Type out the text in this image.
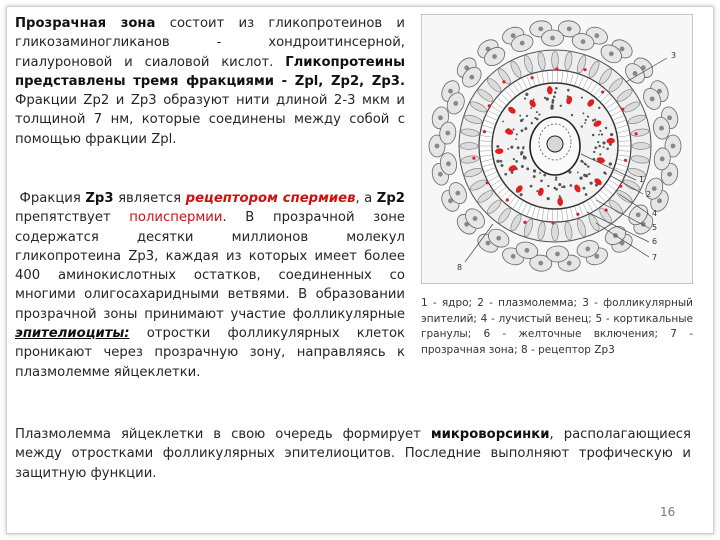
Прозрачная зона состоит из гликопротеинов и гликозаминогликанов - хондроитинсерной, гиалуроновой и сиаловой кислот. Гликопротеины представлены тремя фракциями - Zpl, Zp2, Zp3. Фракции Zp2 и Zp3 образуют нити длиной 2-3 мкм и толщиной 7 нм, которые соединены между собой с помощью фракции Zpl.
Фракция Zp3 является рецептором спермиев, а Zp2 препятствует полиспермии. В прозрачной зоне содержатся десятки миллионов молекул гликопротеина Zp3, каждая из которых имеет более 400 аминокислотных остатков, соединенных со многими олигосахаридными ветвями. В образовании прозрачной зоны принимают участие фолликулярные эпителиоциты: отростки фолликулярных клеток проникают через прозрачную зону, направляясь к плазмолемме яйцеклетки.
Плазмолемма яйцеклетки в свою очередь формирует микроворсинки, располагающиеся между отростками фолликулярных эпителиоцитов. Последние выполняют трофическую и защитную функции.
3
1
2
4
5
6
7
8
1 - ядро; 2 - плазмолемма; 3 - фолликулярный эпителий; 4 - лучистый венец; 5 - кортикальные гранулы; 6 - желточные включения; 7 - прозрачная зона; 8 - рецептор Zp3
16
